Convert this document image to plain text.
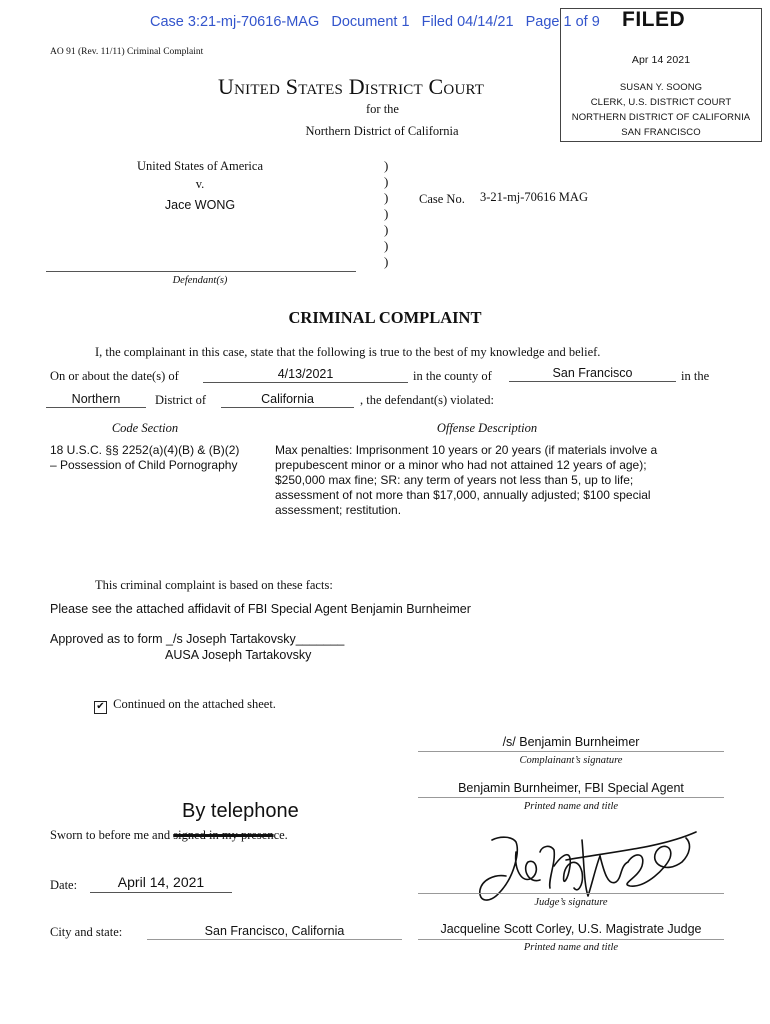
Case 3:21-mj-70616-MAG Document 1 Filed 04/14/21 Page 1 of 9 FILED
Apr 14 2021
SUSAN Y. SOONG
CLERK, U.S. DISTRICT COURT
NORTHERN DISTRICT OF CALIFORNIA
SAN FRANCISCO
AO 91 (Rev. 11/11) Criminal Complaint
United States District Court
for the
Northern District of California
United States of America
v.
Jace WONG
Defendant(s)
)
)
)
)
)
)
)
Case No. 3-21-mj-70616 MAG
CRIMINAL COMPLAINT
I, the complainant in this case, state that the following is true to the best of my knowledge and belief.
On or about the date(s) of	4/13/2021	in the county of	San Francisco	in the
Northern	District of	California	, the defendant(s) violated:
Code Section	Offense Description
18 U.S.C. §§ 2252(a)(4)(B) & (B)(2)
– Possession of Child Pornography
Max penalties: Imprisonment 10 years or 20 years (if materials involve a prepubescent minor or a minor who had not attained 12 years of age); $250,000 max fine; SR: any term of years not less than 5, up to life; assessment of not more than $17,000, annually adjusted; $100 special assessment; restitution.
This criminal complaint is based on these facts:
Please see the attached affidavit of FBI Special Agent Benjamin Burnheimer
Approved as to form _/s Joseph Tartakovsky_______
AUSA Joseph Tartakovsky
✔ Continued on the attached sheet.
/s/ Benjamin Burnheimer
Complainant’s signature
Benjamin Burnheimer, FBI Special Agent
Printed name and title
By telephone
Sworn to before me and signed in my presence.
Date:	April 14, 2021
Judge’s signature
City and state:	San Francisco, California	Jacqueline Scott Corley, U.S. Magistrate Judge
Printed name and title
